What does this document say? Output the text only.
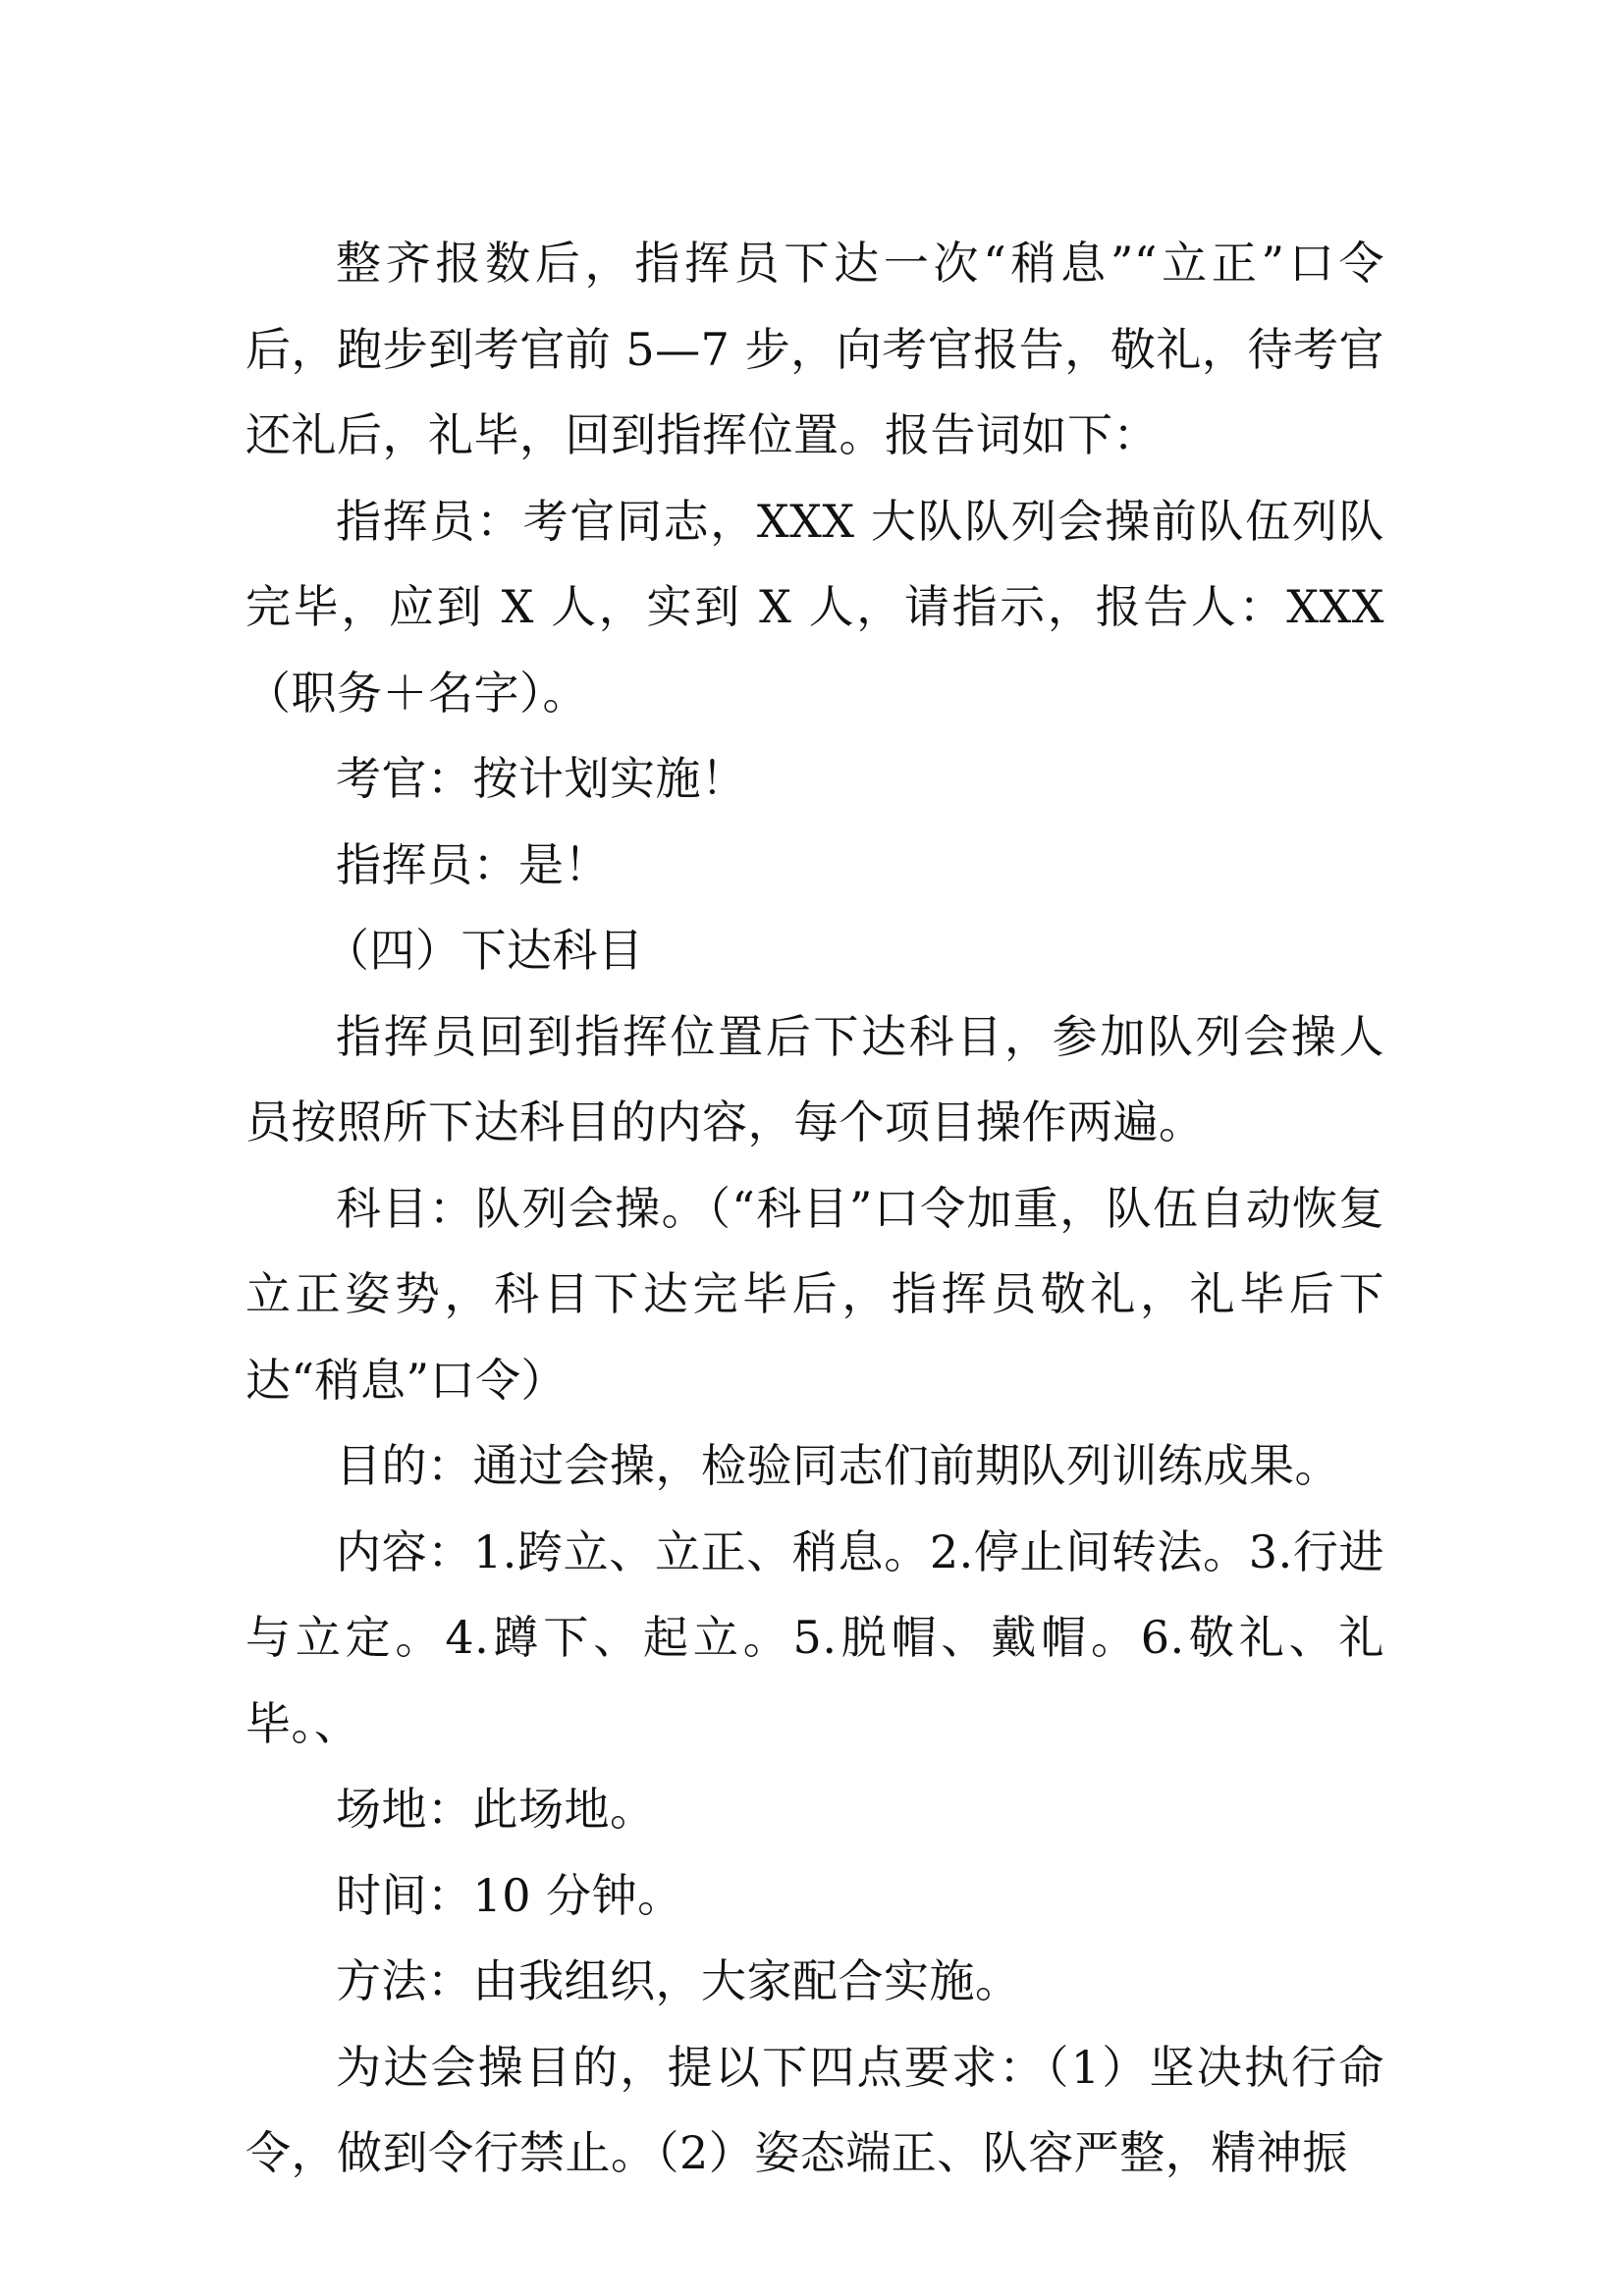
整齐报数后，指挥员下达一次“稍息”“立正”口令后，跑步到考官前 5—7 步，向考官报告，敬礼，待考官还礼后，礼毕，回到指挥位置。报告词如下：

指挥员：考官同志，XXX 大队队列会操前队伍列队完毕，应到 X 人，实到 X 人，请指示，报告人：XXX（职务＋名字）。

考官：按计划实施！

指挥员：是！

（四）下达科目

指挥员回到指挥位置后下达科目，参加队列会操人员按照所下达科目的内容，每个项目操作两遍。

科目：队列会操。（“科目”口令加重，队伍自动恢复立正姿势，科目下达完毕后，指挥员敬礼，礼毕后下达“稍息”口令）

目的：通过会操，检验同志们前期队列训练成果。

内容：1.跨立、立正、稍息。2.停止间转法。3.行进与立定。4.蹲下、起立。5.脱帽、戴帽。6.敬礼、礼毕。、

场地：此场地。

时间：10 分钟。

方法：由我组织，大家配合实施。

为达会操目的，提以下四点要求：（1）坚决执行命令，做到令行禁止。（2）姿态端正、队容严整，精神振
